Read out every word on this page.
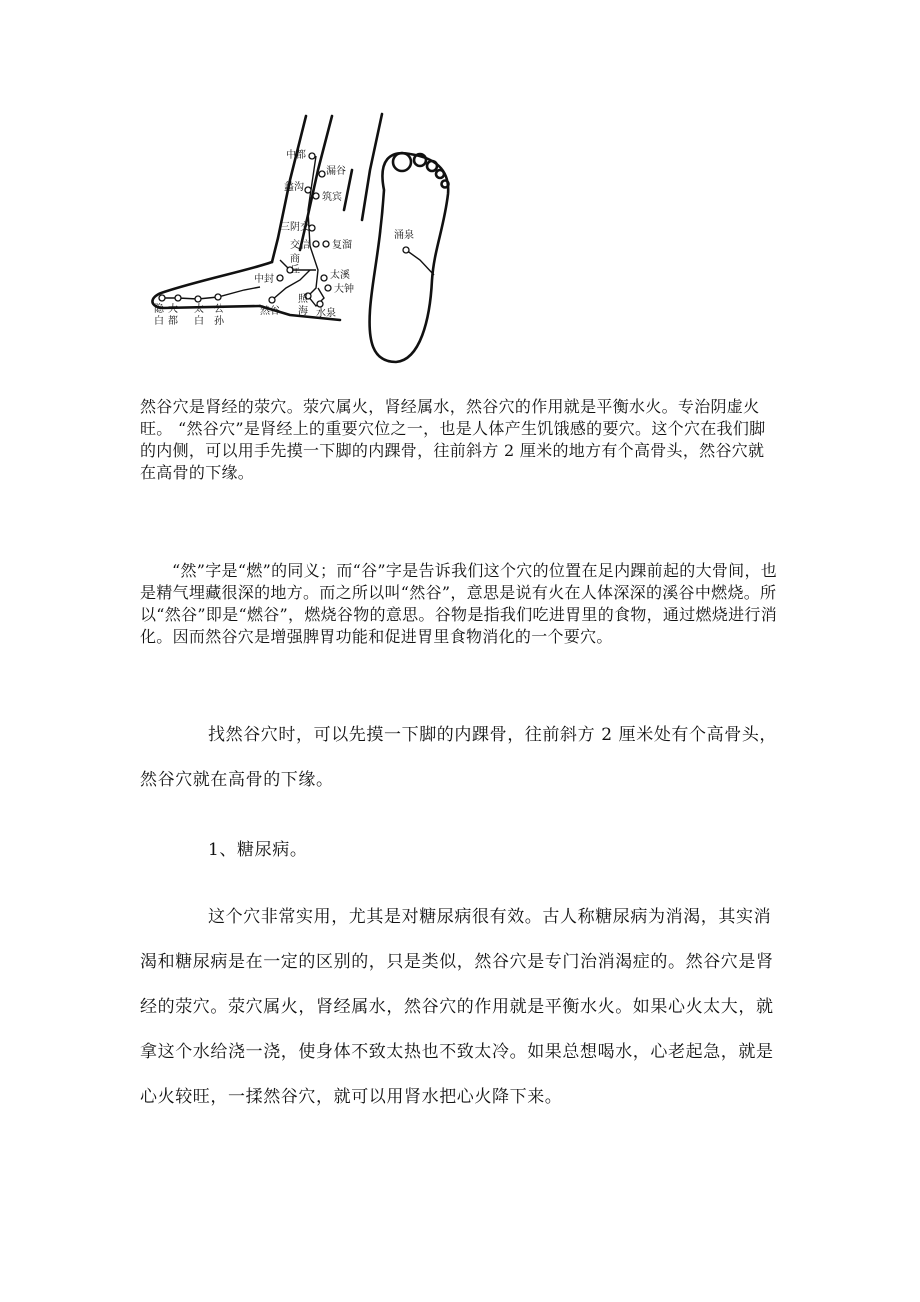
中都
漏谷
蠡沟
筑宾
三阴交
涌泉
交信 复溜
商
丘
中封	太溪
大钟
照
海
然谷	水泉
隐
白
大
都
太
白
公
孙

然谷穴是肾经的荥穴。荥穴属火，肾经属水，然谷穴的作用就是平衡水火。专治阴虚火旺。 “然谷穴”是肾经上的重要穴位之一，也是人体产生饥饿感的要穴。这个穴在我们脚的内侧，可以用手先摸一下脚的内踝骨，往前斜方 2 厘米的地方有个高骨头，然谷穴就在高骨的下缘。

“然”字是“燃”的同义；而“谷”字是告诉我们这个穴的位置在足内踝前起的大骨间，也是精气埋藏很深的地方。而之所以叫“然谷”，意思是说有火在人体深深的溪谷中燃烧。所以“然谷”即是“燃谷”，燃烧谷物的意思。谷物是指我们吃进胃里的食物，通过燃烧进行消化。因而然谷穴是增强脾胃功能和促进胃里食物消化的一个要穴。

找然谷穴时，可以先摸一下脚的内踝骨，往前斜方 2 厘米处有个高骨头，然谷穴就在高骨的下缘。

1、糖尿病。

这个穴非常实用，尤其是对糖尿病很有效。古人称糖尿病为消渴，其实消渴和糖尿病是在一定的区别的，只是类似，然谷穴是专门治消渴症的。然谷穴是肾经的荥穴。荥穴属火，肾经属水，然谷穴的作用就是平衡水火。如果心火太大，就拿这个水给浇一浇，使身体不致太热也不致太冷。如果总想喝水，心老起急，就是心火较旺，一揉然谷穴，就可以用肾水把心火降下来。
